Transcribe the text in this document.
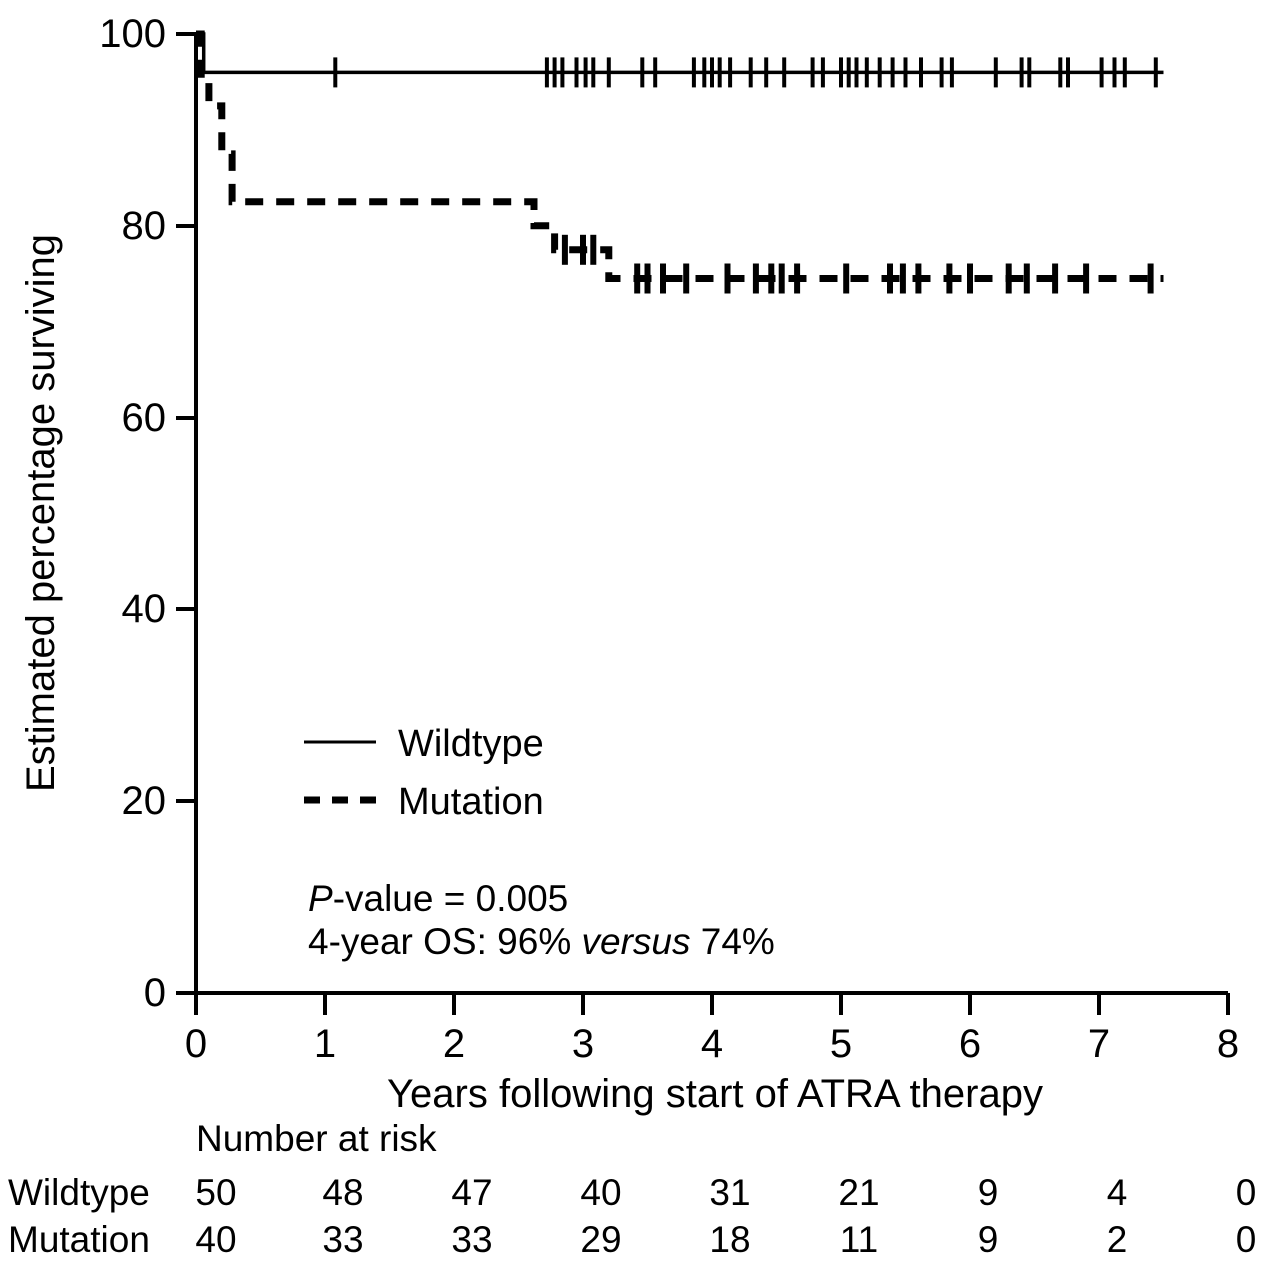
0
20
40
60
80
100
0	1	2	3	4	5	6	7	8
Years following start of ATRA therapy
Estimated percentage surviving	Wildtype
Mutation
P-value = 0.005
4-year OS: 96% versus 74%
Number at risk
Wildtype 50 48 47 40 31 21	9	4	0
Mutation 40 33 33 29 18 11	9	2	0
